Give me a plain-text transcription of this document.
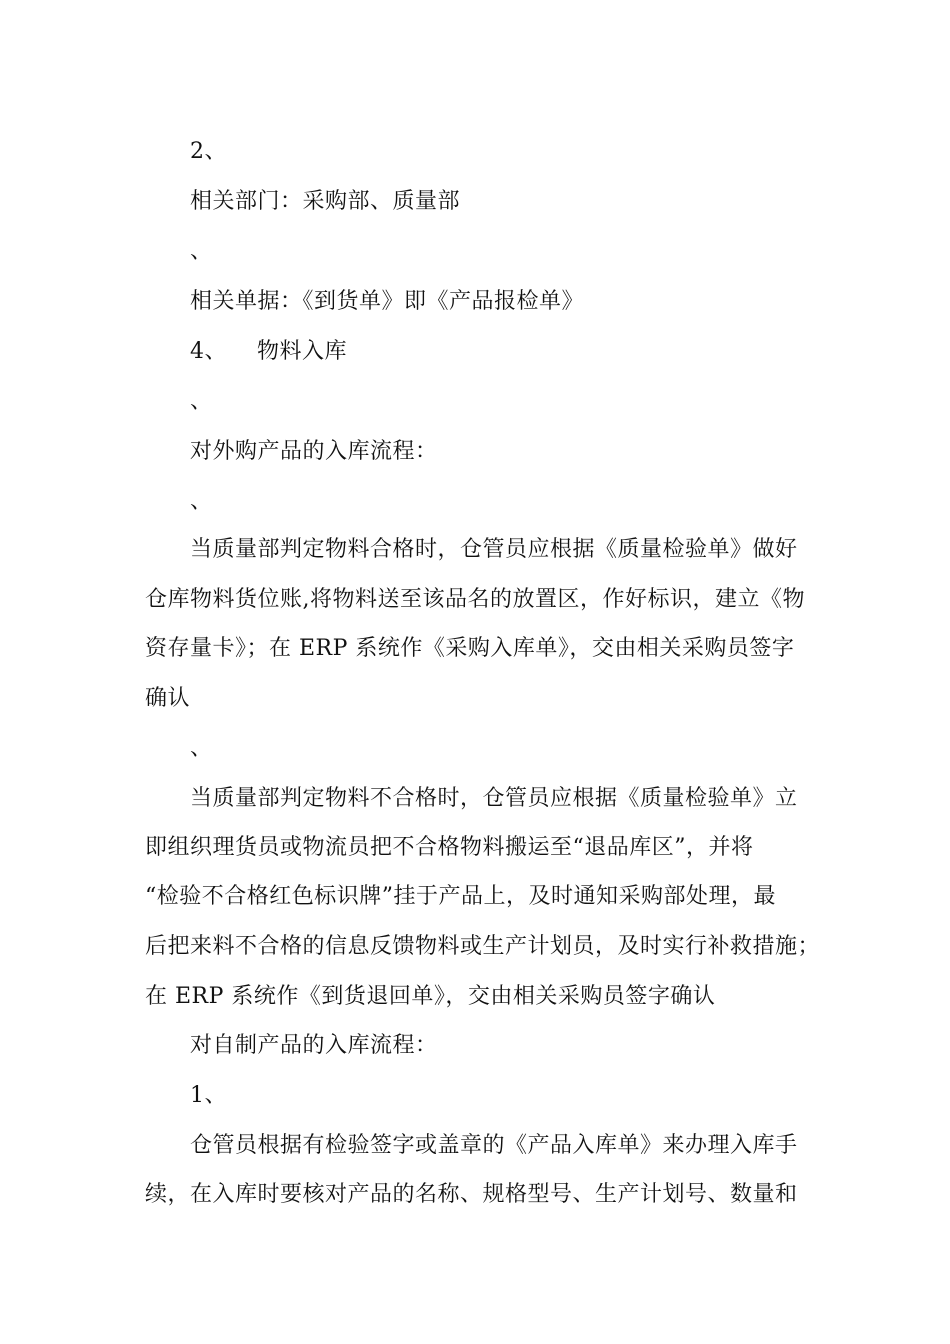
2、
相关部门：采购部、质量部
、
相关单据：《到货单》即《产品报检单》
4、 物料入库
、
对外购产品的入库流程：
、
当质量部判定物料合格时，仓管员应根据《质量检验单》做好
仓库物料货位账,将物料送至该品名的放置区，作好标识，建立《物
资存量卡》；在 ERP 系统作《采购入库单》，交由相关采购员签字
确认
、
当质量部判定物料不合格时，仓管员应根据《质量检验单》立
即组织理货员或物流员把不合格物料搬运至“退品库区”，并将
“检验不合格红色标识牌”挂于产品上，及时通知采购部处理，最
后把来料不合格的信息反馈物料或生产计划员，及时实行补救措施；
在 ERP 系统作《到货退回单》，交由相关采购员签字确认
对自制产品的入库流程：
1、
仓管员根据有检验签字或盖章的《产品入库单》来办理入库手
续，在入库时要核对产品的名称、规格型号、生产计划号、数量和
